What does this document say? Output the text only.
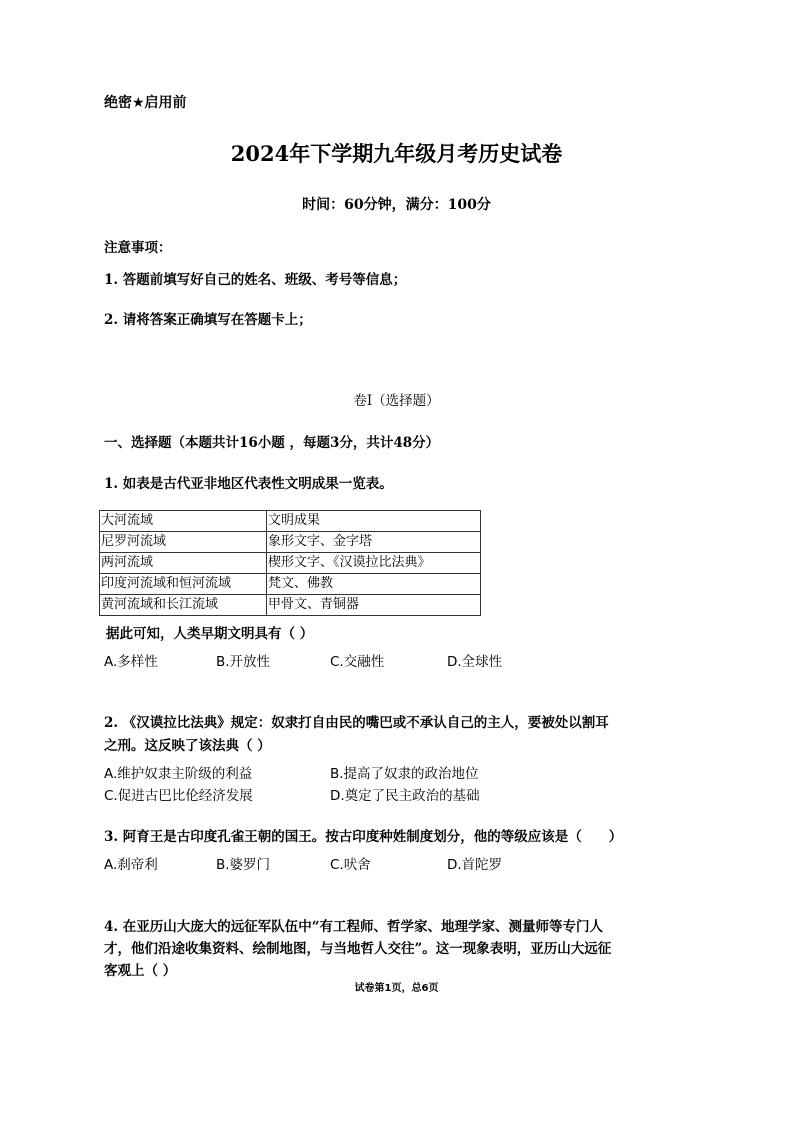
绝密★启用前
2024年下学期九年级月考历史试卷
时间：60分钟，满分：100分
注意事项：
1. 答题前填写好自己的姓名、班级、考号等信息；
2. 请将答案正确填写在答题卡上；
卷I（选择题）
一、选择题（本题共计16小题 ，每题3分，共计48分）
1. 如表是古代亚非地区代表性文明成果一览表。
大河流域	文明成果
尼罗河流域	象形文字、金字塔
两河流域	楔形文字、《汉谟拉比法典》
印度河流域和恒河流域	梵文、佛教
黄河流域和长江流域	甲骨文、青铜器
据此可知，人类早期文明具有（ ）
A.多样性	B.开放性	C.交融性	D.全球性
2. 《汉谟拉比法典》规定：奴隶打自由民的嘴巴或不承认自己的主人，要被处以割耳
之刑。这反映了该法典（ ）
A.维护奴隶主阶级的利益	B.提高了奴隶的政治地位
C.促进古巴比伦经济发展	D.奠定了民主政治的基础
3. 阿育王是古印度孔雀王朝的国王。按古印度种姓制度划分，他的等级应该是（　　）
A.刹帝利	B.婆罗门	C.吠舍	D.首陀罗
4. 在亚历山大庞大的远征军队伍中“有工程师、哲学家、地理学家、测量师等专门人
才，他们沿途收集资料、绘制地图，与当地哲人交往”。这一现象表明，亚历山大远征
客观上（ ）
试卷第1页，总6页
